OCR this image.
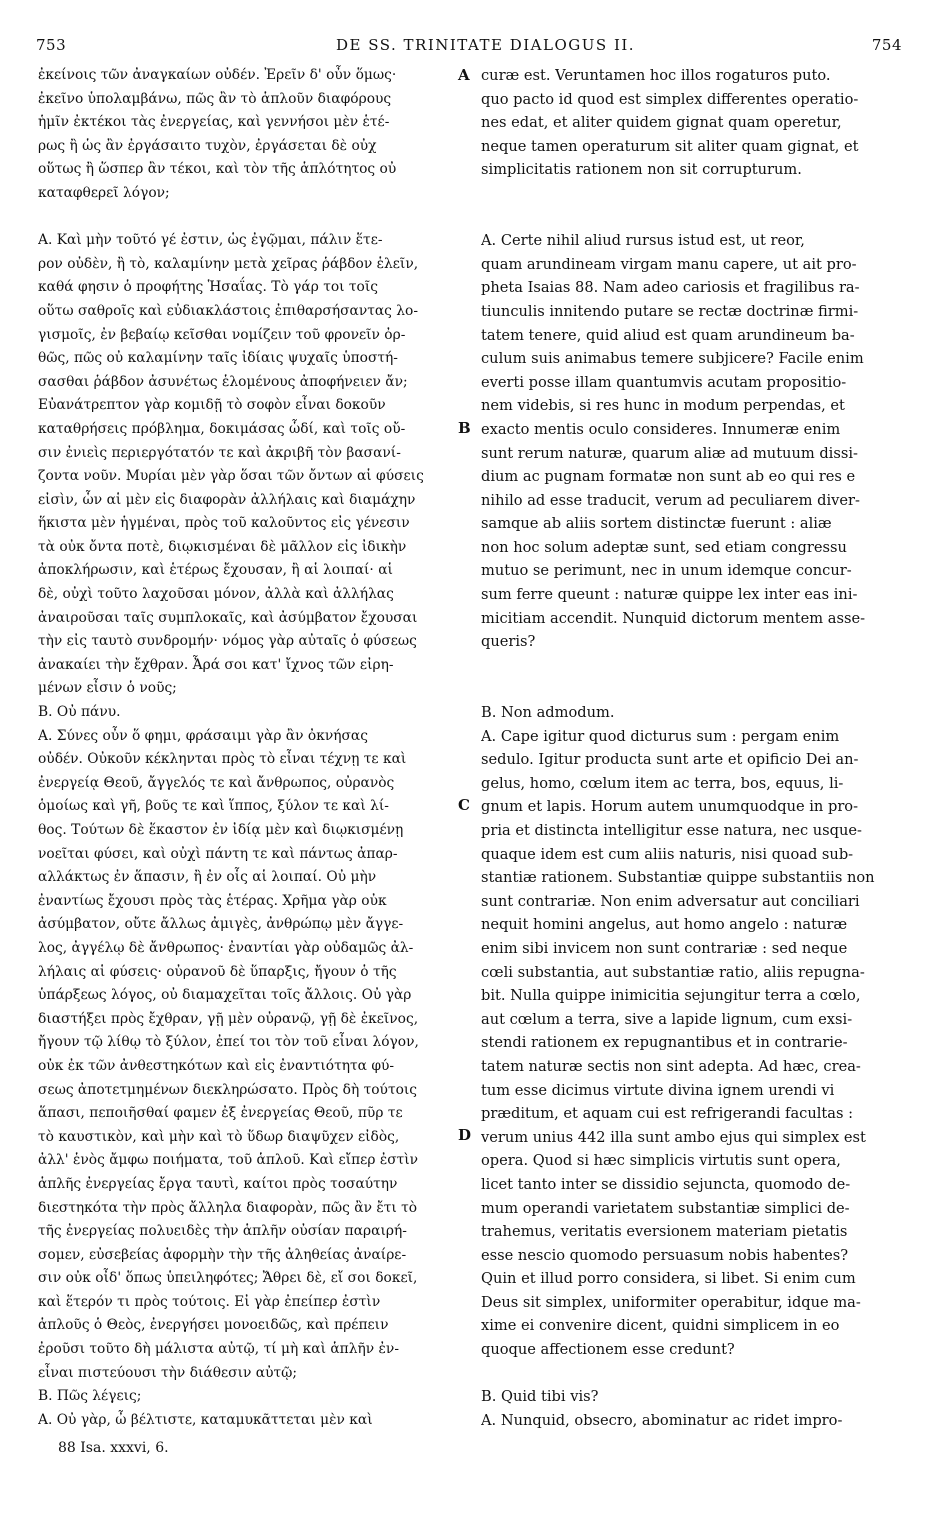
753	DE SS. TRINITATE DIALOGUS II.	754
ἐκείνοις τῶν ἀναγκαίων οὐδέν. Ἐρεῖν δ' οὖν ὅμως·
ἐκεῖνο ὑπολαμβάνω, πῶς ἂν τὸ ἁπλοῦν διαφόρους
ἡμῖν ἐκτέκοι τὰς ἐνεργείας, καὶ γεννήσοι μὲν ἑτέ-
ρως ἢ ὡς ἂν ἐργάσαιτο τυχὸν, ἐργάσεται δὲ οὐχ
οὕτως ἢ ὥσπερ ἂν τέκοι, καὶ τὸν τῆς ἁπλότητος οὐ
καταφθερεῖ λόγον;
Α. Καὶ μὴν τοῦτό γέ ἐστιν, ὡς ἐγῷμαι, πάλιν ἕτε-
ρον οὐδὲν, ἢ τὸ, καλαμίνην μετὰ χεῖρας ῥάβδον ἑλεῖν,
καθά φησιν ὁ προφήτης Ἡσαΐας. Τὸ γάρ τοι τοῖς
οὕτω σαθροῖς καὶ εὐδιακλάστοις ἐπιθαρσήσαντας λο-
γισμοῖς, ἐν βεβαίῳ κεῖσθαι νομίζειν τοῦ φρονεῖν ὀρ-
θῶς, πῶς οὐ καλαμίνην ταῖς ἰδίαις ψυχαῖς ὑποστή-
σασθαι ῥάβδον ἀσυνέτως ἑλομένους ἀποφήνειεν ἄν;
Εὐανάτρεπτον γὰρ κομιδῇ τὸ σοφὸν εἶναι δοκοῦν
καταθρήσεις πρόβλημα, δοκιμάσας ὧδί, καὶ τοῖς οὔ-
σιν ἐνιεὶς περιεργότατόν τε καὶ ἀκριβῆ τὸν βασανί-
ζοντα νοῦν. Μυρίαι μὲν γὰρ ὅσαι τῶν ὄντων αἱ φύσεις
εἰσὶν, ὧν αἱ μὲν εἰς διαφορὰν ἀλλήλαις καὶ διαμάχην
ἥκιστα μὲν ἡγμέναι, πρὸς τοῦ καλοῦντος εἰς γένεσιν
τὰ οὐκ ὄντα ποτὲ, διῳκισμέναι δὲ μᾶλλον εἰς ἰδικὴν
ἀποκλήρωσιν, καὶ ἑτέρως ἔχουσαν, ἢ αἱ λοιπαί· αἱ
δὲ, οὐχὶ τοῦτο λαχοῦσαι μόνον, ἀλλὰ καὶ ἀλλήλας
ἀναιροῦσαι ταῖς συμπλοκαῖς, καὶ ἀσύμβατον ἔχουσαι
τὴν εἰς ταυτὸ συνδρομήν· νόμος γὰρ αὐταῖς ὁ φύσεως
ἀνακαίει τὴν ἔχθραν. Ἆρά σοι κατ' ἴχνος τῶν εἰρη-
μένων εἶσιν ὁ νοῦς;
Β. Οὐ πάνυ.
Α. Σύνες οὖν ὅ φημι, φράσαιμι γὰρ ἂν ὀκνήσας
οὐδέν. Οὐκοῦν κέκληνται πρὸς τὸ εἶναι τέχνῃ τε καὶ
ἐνεργείᾳ Θεοῦ, ἄγγελός τε καὶ ἄνθρωπος, οὐρανὸς
ὁμοίως καὶ γῆ, βοῦς τε καὶ ἵππος, ξύλον τε καὶ λί-
θος. Τούτων δὲ ἕκαστον ἐν ἰδίᾳ μὲν καὶ διῳκισμένῃ
νοεῖται φύσει, καὶ οὐχὶ πάντη τε καὶ πάντως ἀπαρ-
αλλάκτως ἐν ἅπασιν, ἢ ἐν οἷς αἱ λοιπαί. Οὐ μὴν
ἐναντίως ἔχουσι πρὸς τὰς ἑτέρας. Χρῆμα γὰρ οὐκ
ἀσύμβατον, οὔτε ἄλλως ἀμιγὲς, ἀνθρώπῳ μὲν ἄγγε-
λος, ἀγγέλῳ δὲ ἄνθρωπος· ἐναντίαι γὰρ οὐδαμῶς ἀλ-
λήλαις αἱ φύσεις· οὐρανοῦ δὲ ὕπαρξις, ἤγουν ὁ τῆς
ὑπάρξεως λόγος, οὐ διαμαχεῖται τοῖς ἄλλοις. Οὐ γὰρ
διαστήξει πρὸς ἔχθραν, γῇ μὲν οὐρανῷ, γῇ δὲ ἐκεῖνος,
ἤγουν τῷ λίθῳ τὸ ξύλον, ἐπεί τοι τὸν τοῦ εἶναι λόγον,
οὐκ ἐκ τῶν ἀνθεστηκότων καὶ εἰς ἐναντιότητα φύ-
σεως ἀποτετμημένων διεκληρώσατο. Πρὸς δὴ τούτοις
ἅπασι, πεποιῆσθαί φαμεν ἐξ ἐνεργείας Θεοῦ, πῦρ τε
τὸ καυστικὸν, καὶ μὴν καὶ τὸ ὕδωρ διαψῦχεν εἰδὸς,
ἀλλ' ἑνὸς ἄμφω ποιήματα, τοῦ ἁπλοῦ. Καὶ εἴπερ ἐστὶν
ἁπλῆς ἐνεργείας ἔργα ταυτὶ, καίτοι πρὸς τοσαύτην
διεστηκότα τὴν πρὸς ἄλληλα διαφορὰν, πῶς ἂν ἔτι τὸ
τῆς ἐνεργείας πολυειδὲς τὴν ἁπλῆν οὐσίαν παραιρή-
σομεν, εὐσεβείας ἀφορμὴν τὴν τῆς ἀληθείας ἀναίρε-
σιν οὐκ οἶδ' ὅπως ὑπειληφότες; Ἄθρει δὲ, εἴ σοι δοκεῖ,
καὶ ἕτερόν τι πρὸς τούτοις. Εἰ γὰρ ἐπείπερ ἐστὶν
ἁπλοῦς ὁ Θεὸς, ἐνεργήσει μονοειδῶς, καὶ πρέπειν
ἐροῦσι τοῦτο δὴ μάλιστα αὐτῷ, τί μὴ καὶ ἁπλῆν ἐν-
εἶναι πιστεύουσι τὴν διάθεσιν αὐτῷ;
Β. Πῶς λέγεις;
Α. Οὐ γὰρ, ὦ βέλτιστε, καταμυκᾶττεται μὲν καὶ
curæ est. Veruntamen hoc illos rogaturos puto.
quo pacto id quod est simplex differentes operatio-
nes edat, et aliter quidem gignat quam operetur,
neque tamen operaturum sit aliter quam gignat, et
simplicitatis rationem non sit corrupturum.
A. Certe nihil aliud rursus istud est, ut reor,
quam arundineam virgam manu capere, ut ait pro-
pheta Isaias 88. Nam adeo cariosis et fragilibus ra-
tiunculis innitendo putare se rectæ doctrinæ firmi-
tatem tenere, quid aliud est quam arundineum ba-
culum suis animabus temere subjicere? Facile enim
everti posse illam quantumvis acutam propositio-
nem videbis, si res hunc in modum perpendas, et
exacto mentis oculo consideres. Innumeræ enim
sunt rerum naturæ, quarum aliæ ad mutuum dissi-
dium ac pugnam formatæ non sunt ab eo qui res e
nihilo ad esse traducit, verum ad peculiarem diver-
samque ab aliis sortem distinctæ fuerunt : aliæ
non hoc solum adeptæ sunt, sed etiam congressu
mutuo se perimunt, nec in unum idemque concur-
sum ferre queunt : naturæ quippe lex inter eas ini-
micitiam accendit. Nunquid dictorum mentem asse-
queris?
B. Non admodum.
A. Cape igitur quod dicturus sum : pergam enim
sedulo. Igitur producta sunt arte et opificio Dei an-
gelus, homo, cœlum item ac terra, bos, equus, li-
gnum et lapis. Horum autem unumquodque in pro-
pria et distincta intelligitur esse natura, nec usque-
quaque idem est cum aliis naturis, nisi quoad sub-
stantiæ rationem. Substantiæ quippe substantiis non
sunt contrariæ. Non enim adversatur aut conciliari
nequit homini angelus, aut homo angelo : naturæ
enim sibi invicem non sunt contrariæ : sed neque
cœli substantia, aut substantiæ ratio, aliis repugna-
bit. Nulla quippe inimicitia sejungitur terra a cœlo,
aut cœlum a terra, sive a lapide lignum, cum exsi-
stendi rationem ex repugnantibus et in contrarie-
tatem naturæ sectis non sint adepta. Ad hæc, crea-
tum esse dicimus virtute divina ignem urendi vi
præditum, et aquam cui est refrigerandi facultas :
verum unius 442 illa sunt ambo ejus qui simplex est
opera. Quod si hæc simplicis virtutis sunt opera,
licet tanto inter se dissidio sejuncta, quomodo de-
mum operandi varietatem substantiæ simplici de-
trahemus, veritatis eversionem materiam pietatis
esse nescio quomodo persuasum nobis habentes?
Quin et illud porro considera, si libet. Si enim cum
Deus sit simplex, uniformiter operabitur, idque ma-
xime ei convenire dicent, quidni simplicem in eo
quoque affectionem esse credunt?
B. Quid tibi vis?
A. Nunquid, obsecro, abominatur ac ridet impro-
A
B
C
D
88 Isa. xxxvi, 6.
